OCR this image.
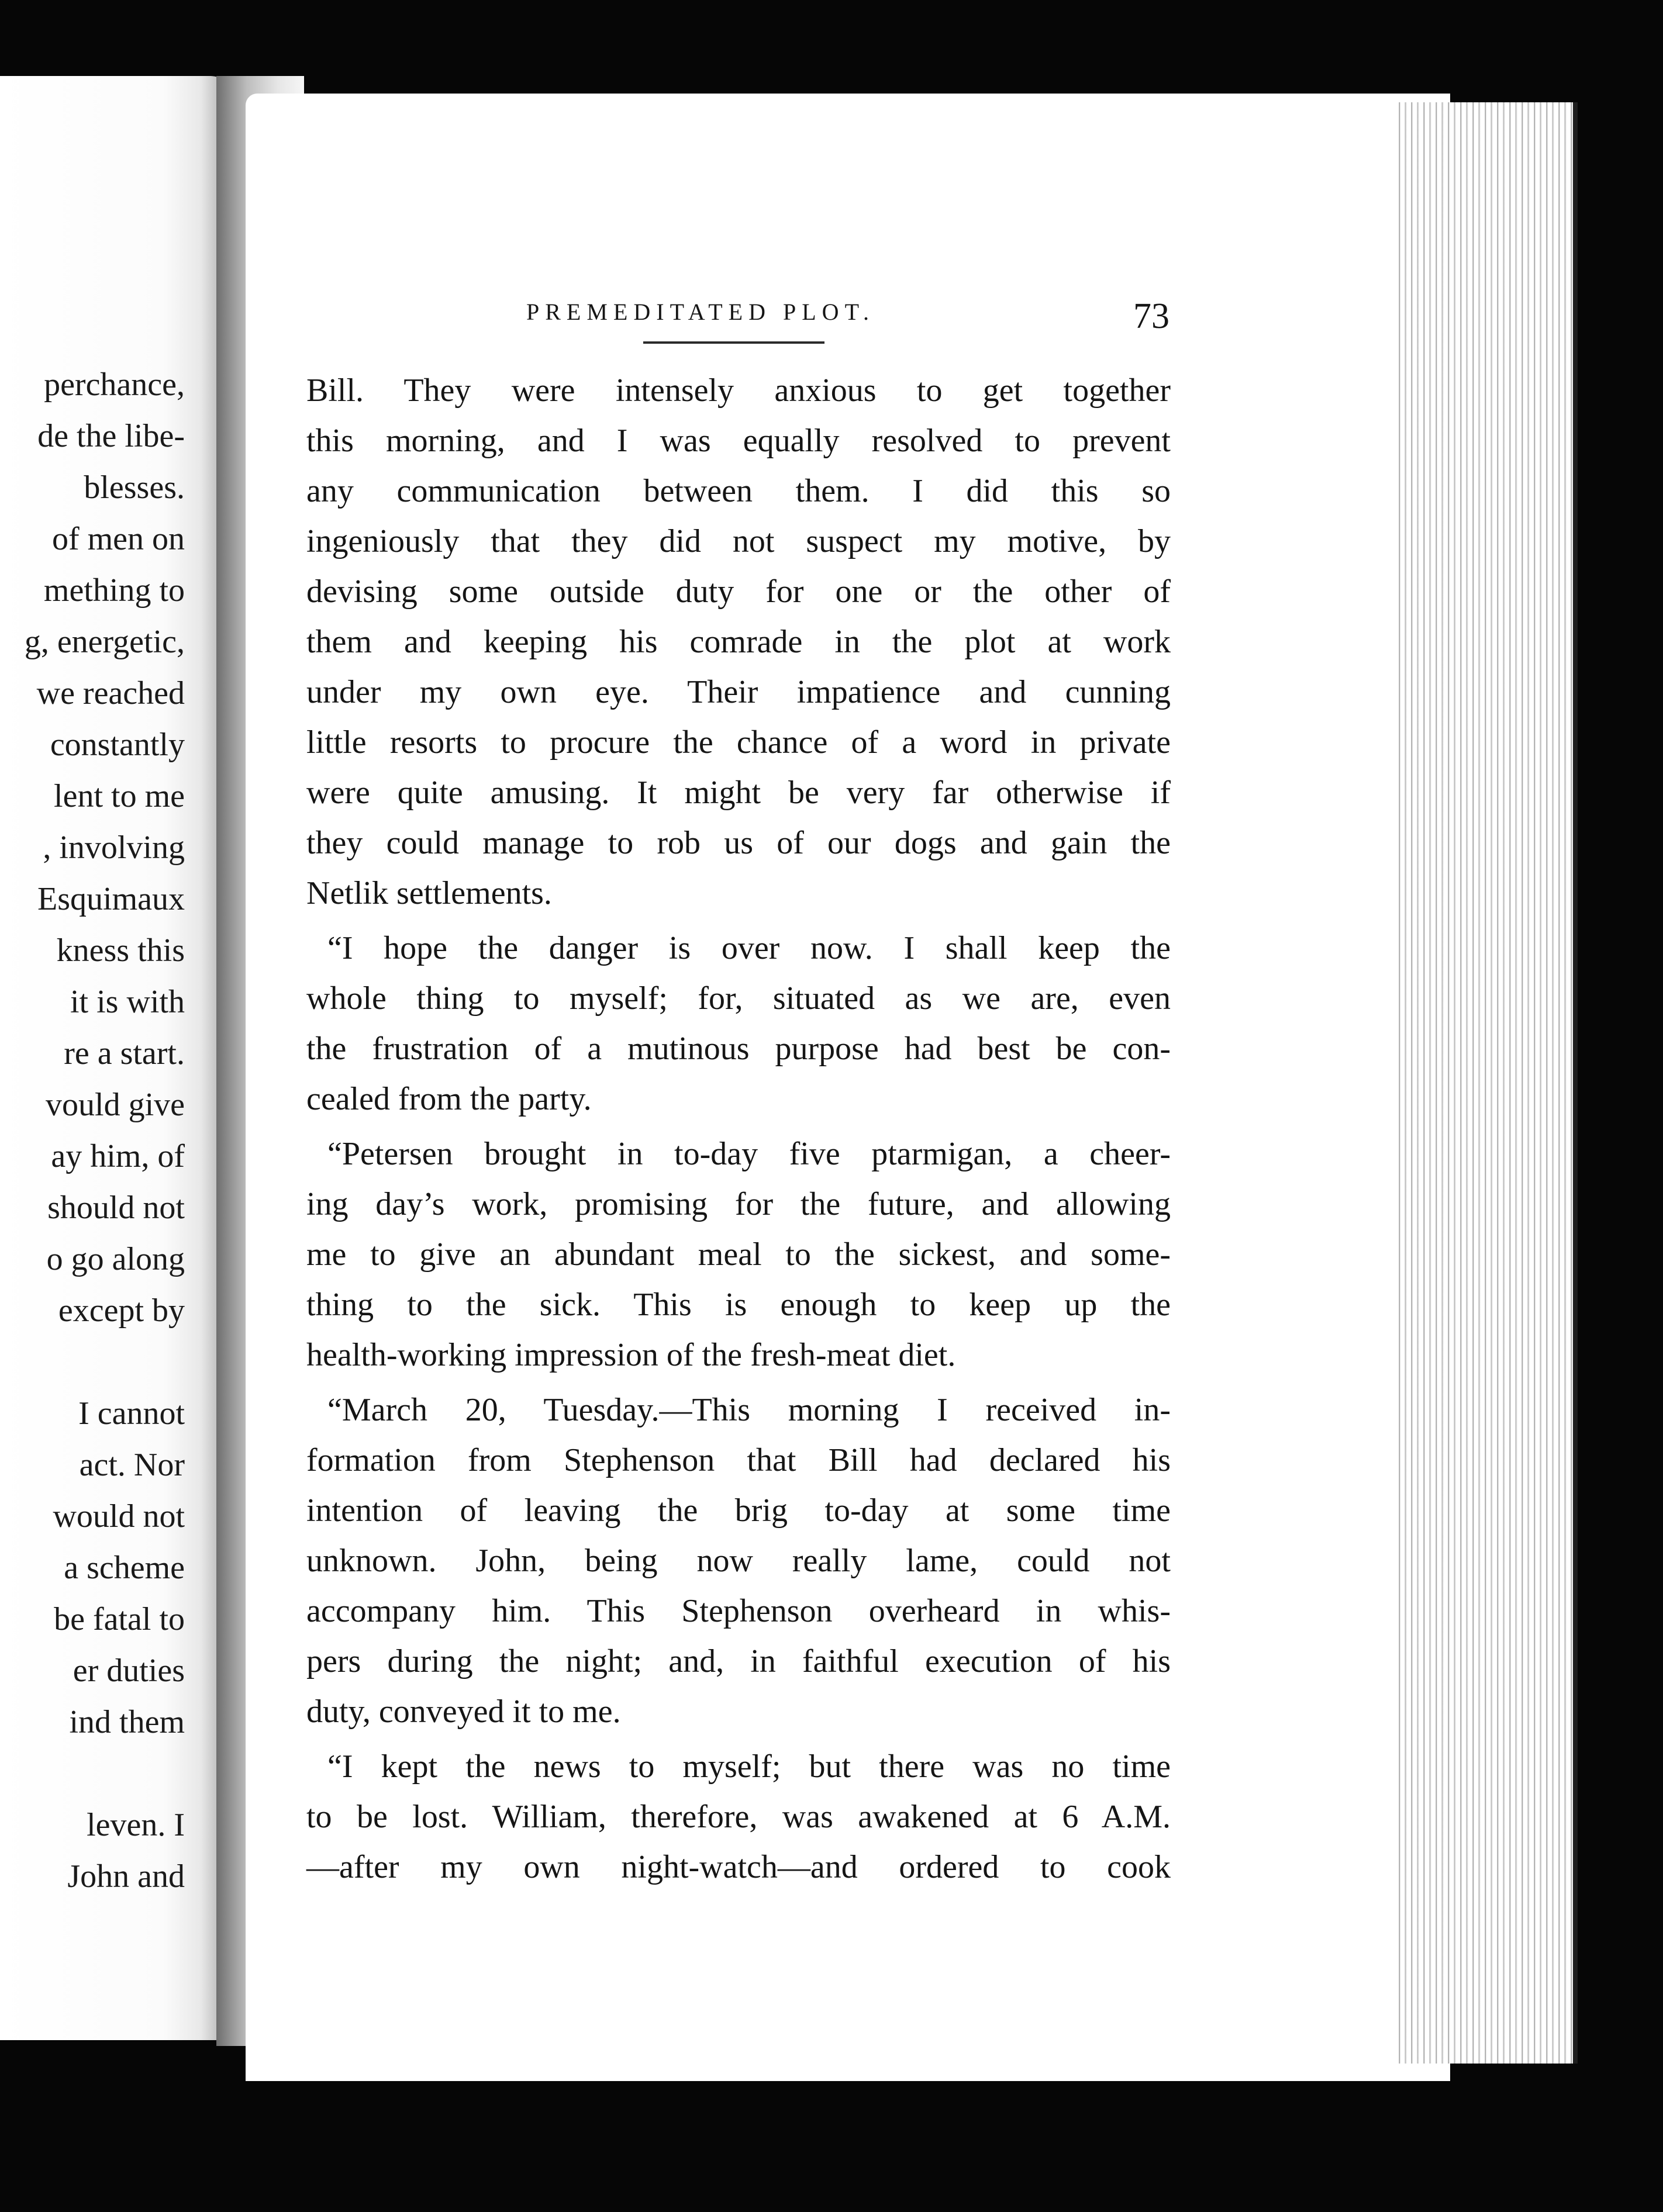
perchance,
de the libe-
blesses.
of men on
mething to
g, energetic,
we reached
constantly
lent to me
, involving
Esquimaux
kness this
it is with
re a start.
vould give
ay him, of
should not
o go along
except by
I cannot
act. Nor
would not
a scheme
be fatal to
er duties
ind them
leven. I
John and
PREMEDITATED PLOT.	73
Bill. They were intensely anxious to get together
this morning, and I was equally resolved to prevent
any communication between them. I did this so
ingeniously that they did not suspect my motive, by
devising some outside duty for one or the other of
them and keeping his comrade in the plot at work
under my own eye. Their impatience and cunning
little resorts to procure the chance of a word in private
were quite amusing. It might be very far otherwise if
they could manage to rob us of our dogs and gain the
Netlik settlements.
“I hope the danger is over now. I shall keep the
whole thing to myself; for, situated as we are, even
the frustration of a mutinous purpose had best be con-
cealed from the party.
“Petersen brought in to-day five ptarmigan, a cheer-
ing day’s work, promising for the future, and allowing
me to give an abundant meal to the sickest, and some-
thing to the sick. This is enough to keep up the
health-working impression of the fresh-meat diet.
“March 20, Tuesday.—This morning I received in-
formation from Stephenson that Bill had declared his
intention of leaving the brig to-day at some time
unknown. John, being now really lame, could not
accompany him. This Stephenson overheard in whis-
pers during the night; and, in faithful execution of his
duty, conveyed it to me.
“I kept the news to myself; but there was no time
to be lost. William, therefore, was awakened at 6 A.M.
—after my own night-watch—and ordered to cook
